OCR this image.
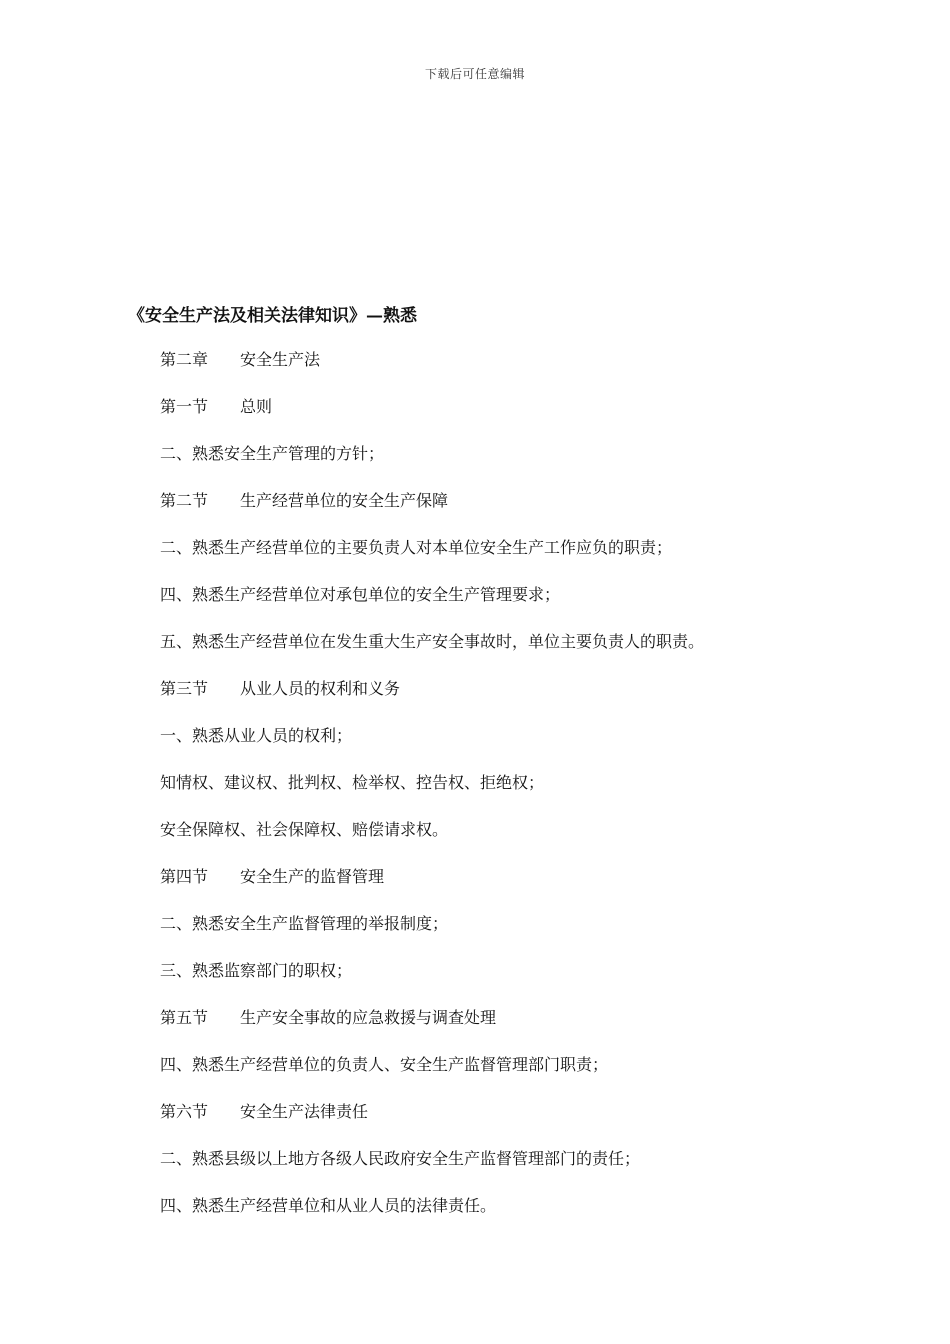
下载后可任意编辑
《安全生产法及相关法律知识》—熟悉
第二章 安全生产法
第一节 总则
二、熟悉安全生产管理的方针；
第二节 生产经营单位的安全生产保障
二、熟悉生产经营单位的主要负责人对本单位安全生产工作应负的职责；
四、熟悉生产经营单位对承包单位的安全生产管理要求；
五、熟悉生产经营单位在发生重大生产安全事故时，单位主要负责人的职责。
第三节 从业人员的权利和义务
一、熟悉从业人员的权利；
知情权、建议权、批判权、检举权、控告权、拒绝权；
安全保障权、社会保障权、赔偿请求权。
第四节 安全生产的监督管理
二、熟悉安全生产监督管理的举报制度；
三、熟悉监察部门的职权；
第五节 生产安全事故的应急救援与调查处理
四、熟悉生产经营单位的负责人、安全生产监督管理部门职责；
第六节 安全生产法律责任
二、熟悉县级以上地方各级人民政府安全生产监督管理部门的责任；
四、熟悉生产经营单位和从业人员的法律责任。
